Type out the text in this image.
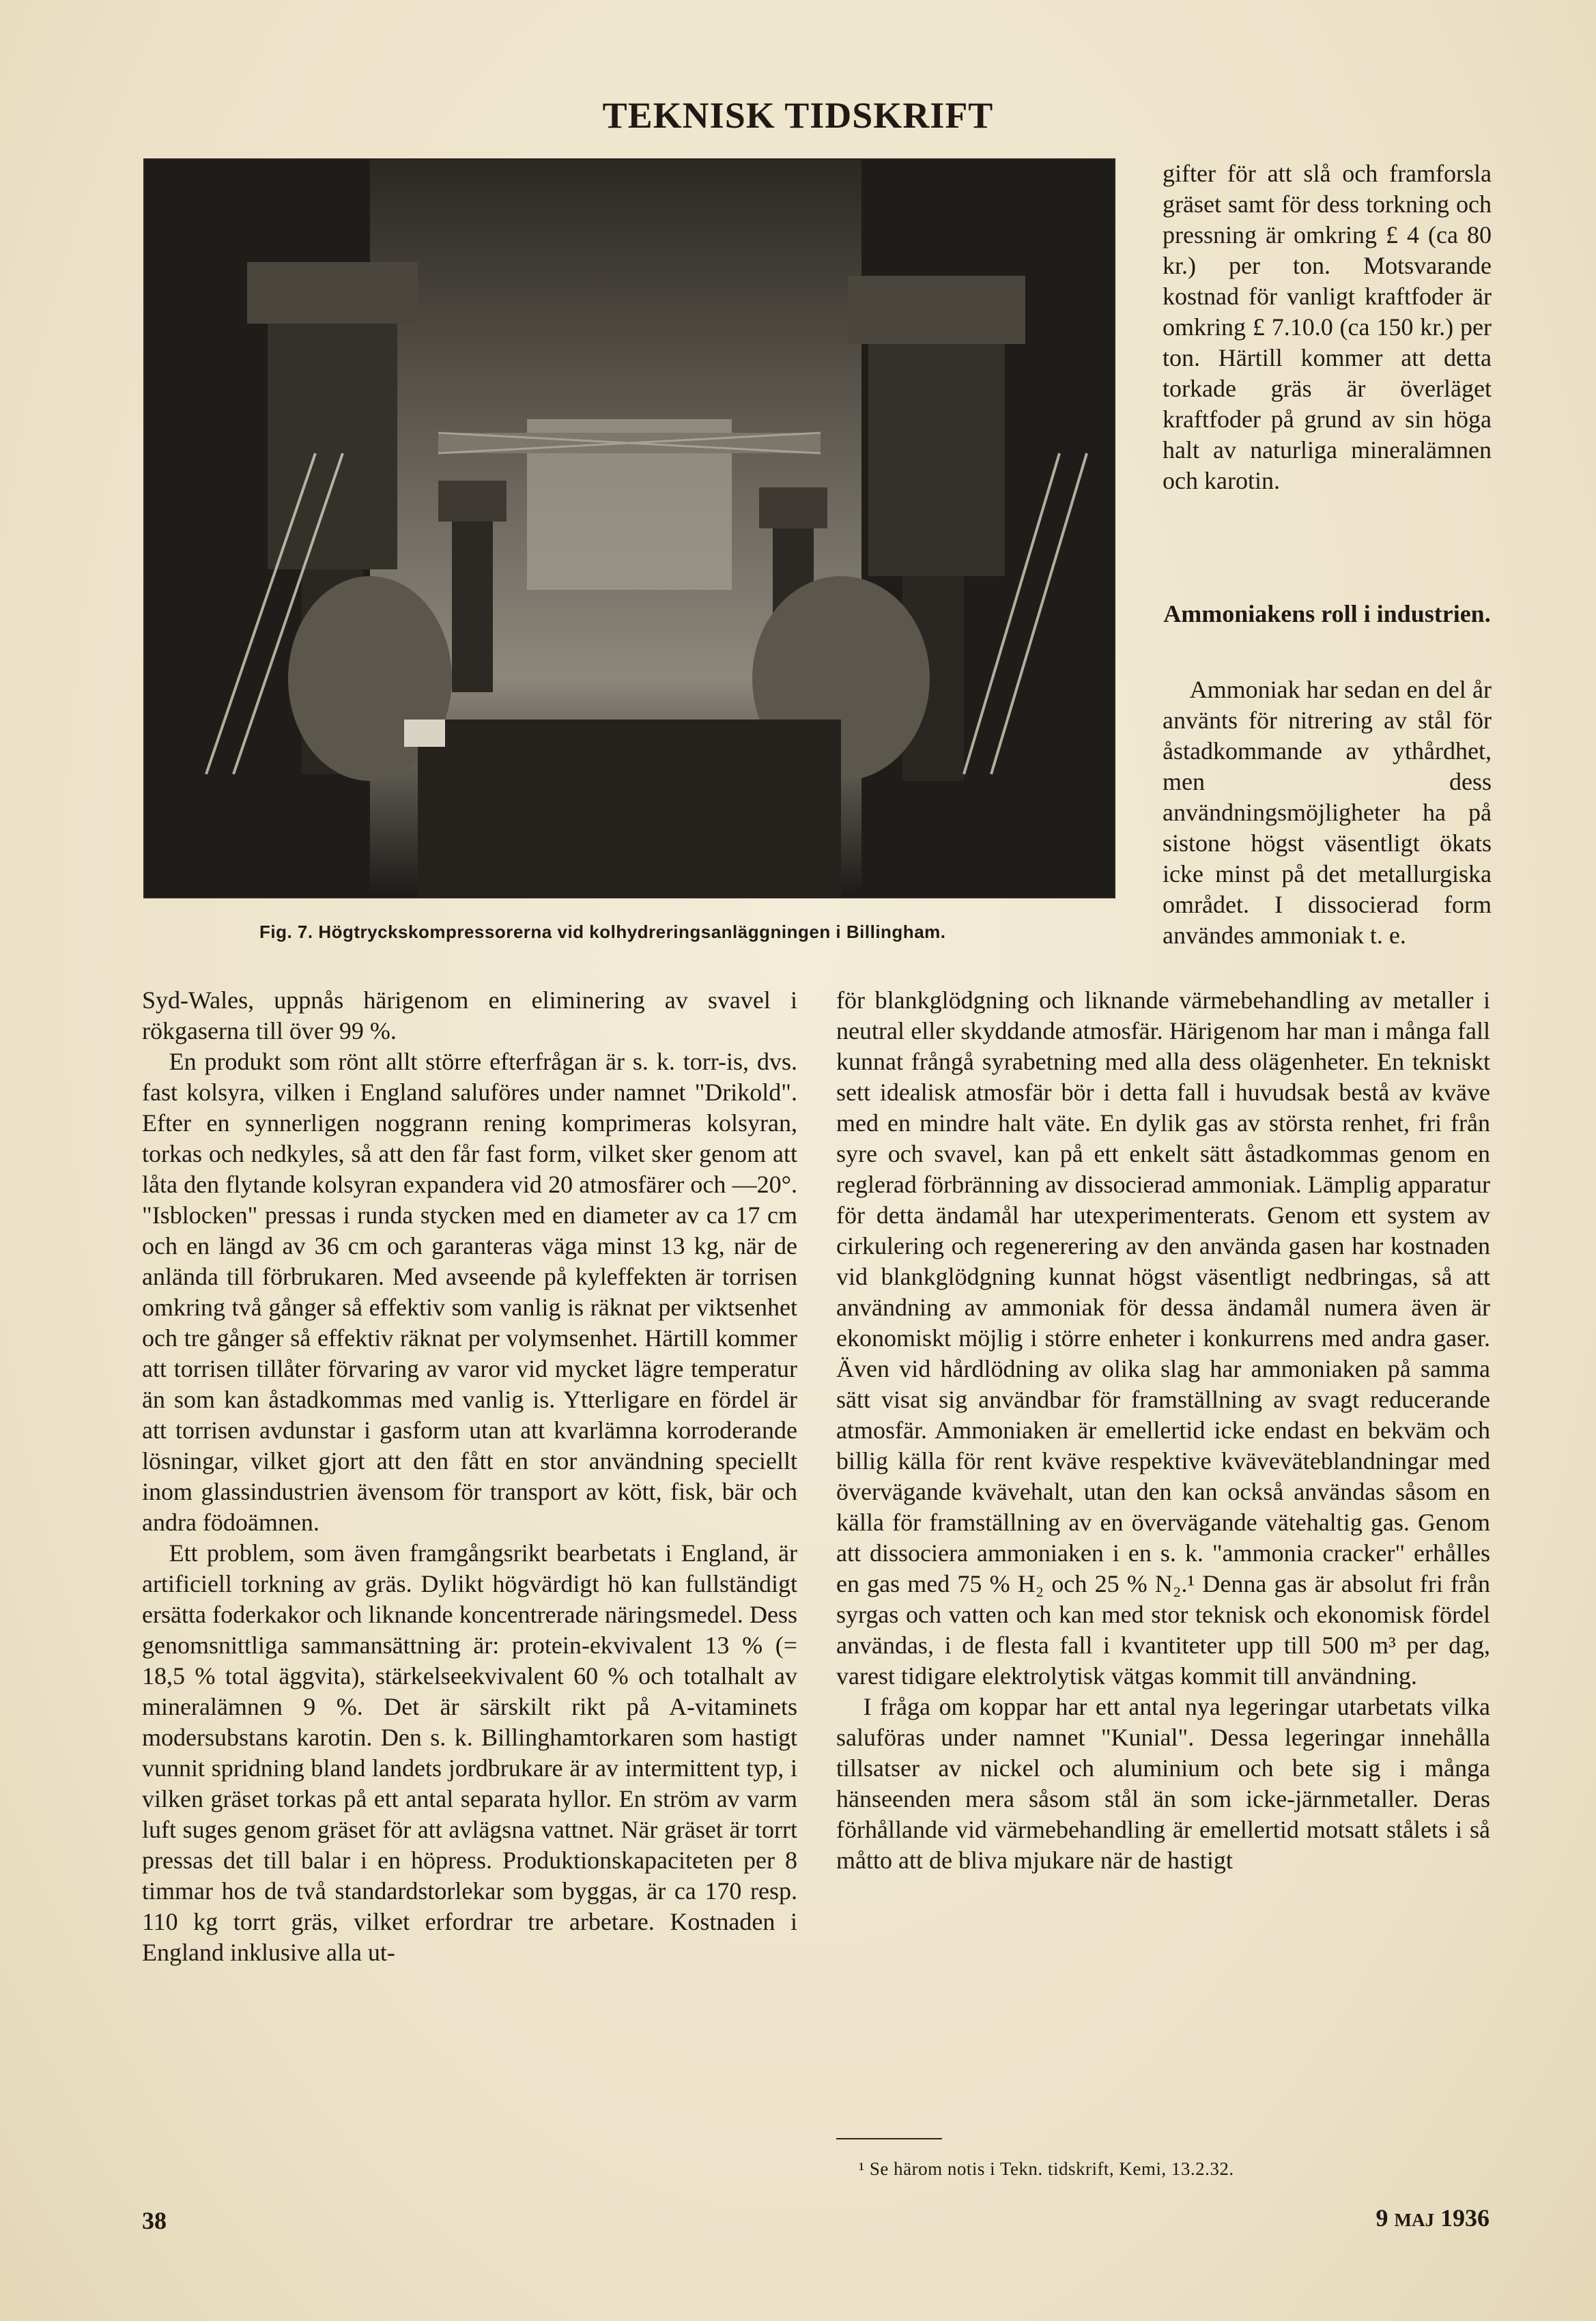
TEKNISK TIDSKRIFT
Fig. 7. Högtryckskompressorerna vid kolhydreringsanläggningen i Billingham.

gifter för att slå och framforsla gräset samt för dess torkning och pressning är omkring £ 4 (ca 80 kr.) per ton. Motsvarande kostnad för vanligt kraftfoder är omkring £ 7.10.0 (ca 150 kr.) per ton. Härtill kommer att detta torkade gräs är överläget kraftfoder på grund av sin höga halt av naturliga mineralämnen och karotin.

Ammoniakens roll i industrien.

Ammoniak har sedan en del år använts för nitrering av stål för åstadkommande av ythårdhet, men dess användningsmöjligheter ha på sistone högst väsentligt ökats icke minst på det metallurgiska området. I dissocierad form användes ammoniak t. e.

Syd-Wales, uppnås härigenom en eliminering av svavel i rökgaserna till över 99 %.

En produkt som rönt allt större efterfrågan är s. k. torr-is, dvs. fast kolsyra, vilken i England saluföres under namnet "Drikold". Efter en synnerligen noggrann rening komprimeras kolsyran, torkas och nedkyles, så att den får fast form, vilket sker genom att låta den flytande kolsyran expandera vid 20 atmosfärer och —20°. "Isblocken" pressas i runda stycken med en diameter av ca 17 cm och en längd av 36 cm och garanteras väga minst 13 kg, när de anlända till förbrukaren. Med avseende på kyleffekten är torrisen omkring två gånger så effektiv som vanlig is räknat per viktsenhet och tre gånger så effektiv räknat per volymsenhet. Härtill kommer att torrisen tillåter förvaring av varor vid mycket lägre temperatur än som kan åstadkommas med vanlig is. Ytterligare en fördel är att torrisen avdunstar i gasform utan att kvarlämna korroderande lösningar, vilket gjort att den fått en stor användning speciellt inom glassindustrien ävensom för transport av kött, fisk, bär och andra födoämnen.

Ett problem, som även framgångsrikt bearbetats i England, är artificiell torkning av gräs. Dylikt högvärdigt hö kan fullständigt ersätta foderkakor och liknande koncentrerade näringsmedel. Dess genomsnittliga sammansättning är: protein-ekvivalent 13 % (= 18,5 % total äggvita), stärkelseekvivalent 60 % och totalhalt av mineralämnen 9 %. Det är särskilt rikt på A-vitaminets modersubstans karotin. Den s. k. Billinghamtorkaren som hastigt vunnit spridning bland landets jordbrukare är av intermittent typ, i vilken gräset torkas på ett antal separata hyllor. En ström av varm luft suges genom gräset för att avlägsna vattnet. När gräset är torrt pressas det till balar i en höpress. Produktionskapaciteten per 8 timmar hos de två standardstorlekar som byggas, är ca 170 resp. 110 kg torrt gräs, vilket erfordrar tre arbetare. Kostnaden i England inklusive alla ut-

för blankglödgning och liknande värmebehandling av metaller i neutral eller skyddande atmosfär. Härigenom har man i många fall kunnat frångå syrabetning med alla dess olägenheter. En tekniskt sett idealisk atmosfär bör i detta fall i huvudsak bestå av kväve med en mindre halt väte. En dylik gas av största renhet, fri från syre och svavel, kan på ett enkelt sätt åstadkommas genom en reglerad förbränning av dissocierad ammoniak. Lämplig apparatur för detta ändamål har utexperimenterats. Genom ett system av cirkulering och regenerering av den använda gasen har kostnaden vid blankglödgning kunnat högst väsentligt nedbringas, så att användning av ammoniak för dessa ändamål numera även är ekonomiskt möjlig i större enheter i konkurrens med andra gaser. Även vid hårdlödning av olika slag har ammoniaken på samma sätt visat sig användbar för framställning av svagt reducerande atmosfär. Ammoniaken är emellertid icke endast en bekväm och billig källa för rent kväve respektive kvävevätеblandningar med övervägande kvävehalt, utan den kan också användas såsom en källa för framställning av en övervägande vätehaltig gas. Genom att dissociera ammoniaken i en s. k. "ammonia cracker" erhålles en gas med 75 % H₂ och 25 % N₂.¹ Denna gas är absolut fri från syrgas och vatten och kan med stor teknisk och ekonomisk fördel användas, i de flesta fall i kvantiteter upp till 500 m³ per dag, varest tidigare elektrolytisk vätgas kommit till användning.

I fråga om koppar har ett antal nya legeringar utarbetats vilka saluföras under namnet "Kunial". Dessa legeringar innehålla tillsatser av nickel och aluminium och bete sig i många hänseenden mera såsom stål än som icke-järnmetaller. Deras förhållande vid värmebehandling är emellertid motsatt stålets i så måtto att de bliva mjukare när de hastigt

¹ Se härom notis i Tekn. tidskrift, Kemi, 13.2.32.
38	9 MAJ 1936
